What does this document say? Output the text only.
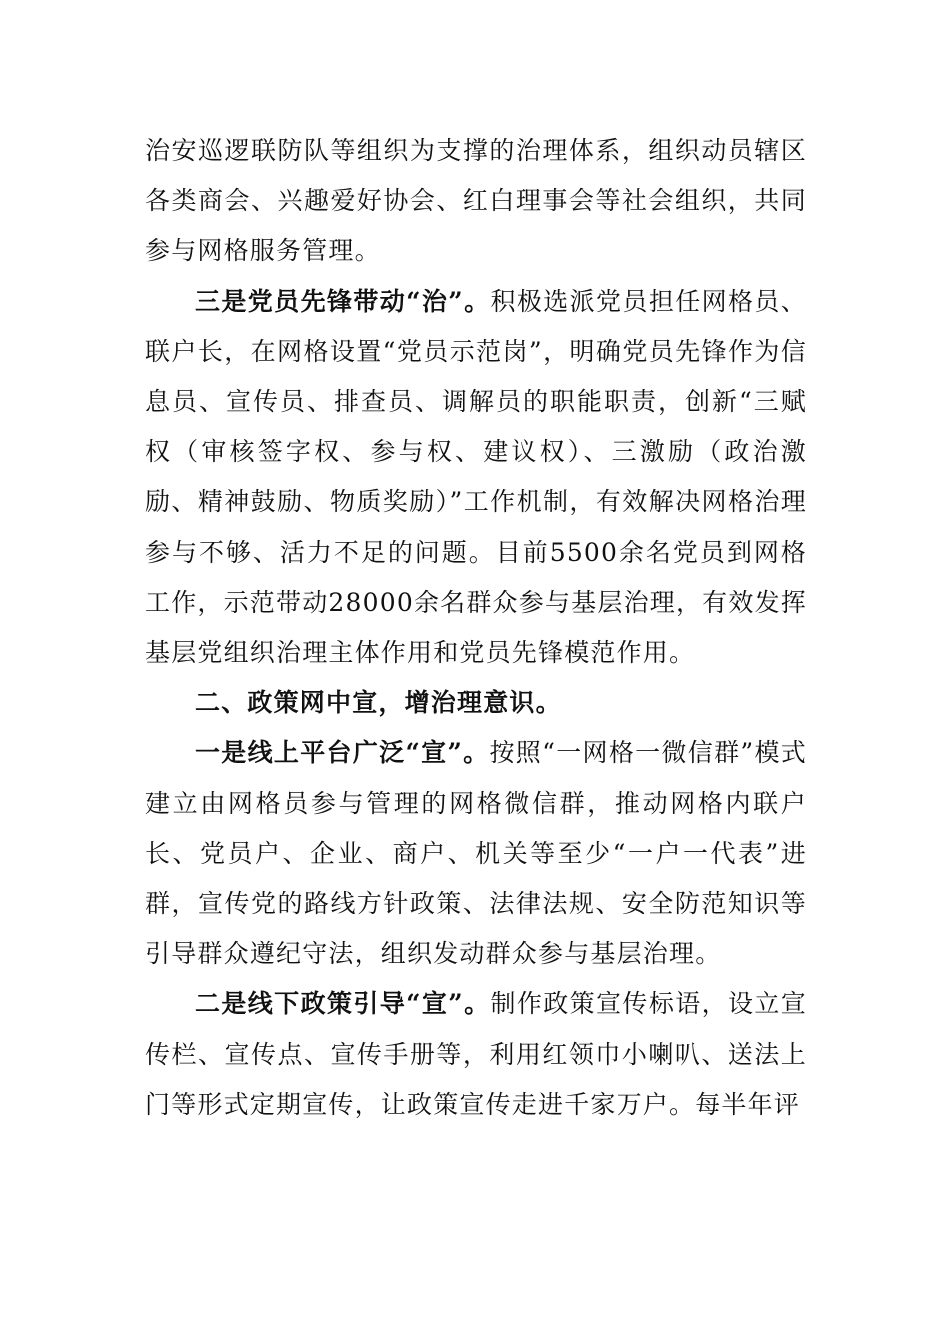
治安巡逻联防队等组织为支撑的治理体系，组织动员辖区各类商会、兴趣爱好协会、红白理事会等社会组织，共同参与网格服务管理。

三是党员先锋带动“治”。积极选派党员担任网格员、联户长，在网格设置“党员示范岗”，明确党员先锋作为信息员、宣传员、排查员、调解员的职能职责，创新“三赋权（审核签字权、参与权、建议权）、三激励（政治激励、精神鼓励、物质奖励）”工作机制，有效解决网格治理参与不够、活力不足的问题。目前5500余名党员到网格工作，示范带动28000余名群众参与基层治理，有效发挥基层党组织治理主体作用和党员先锋模范作用。

二、政策网中宣，增治理意识。

一是线上平台广泛“宣”。按照“一网格一微信群”模式建立由网格员参与管理的网格微信群，推动网格内联户长、党员户、企业、商户、机关等至少“一户一代表”进群，宣传党的路线方针政策、法律法规、安全防范知识等引导群众遵纪守法，组织发动群众参与基层治理。

二是线下政策引导“宣”。制作政策宣传标语，设立宣传栏、宣传点、宣传手册等，利用红领巾小喇叭、送法上门等形式定期宣传，让政策宣传走进千家万户。每半年评
